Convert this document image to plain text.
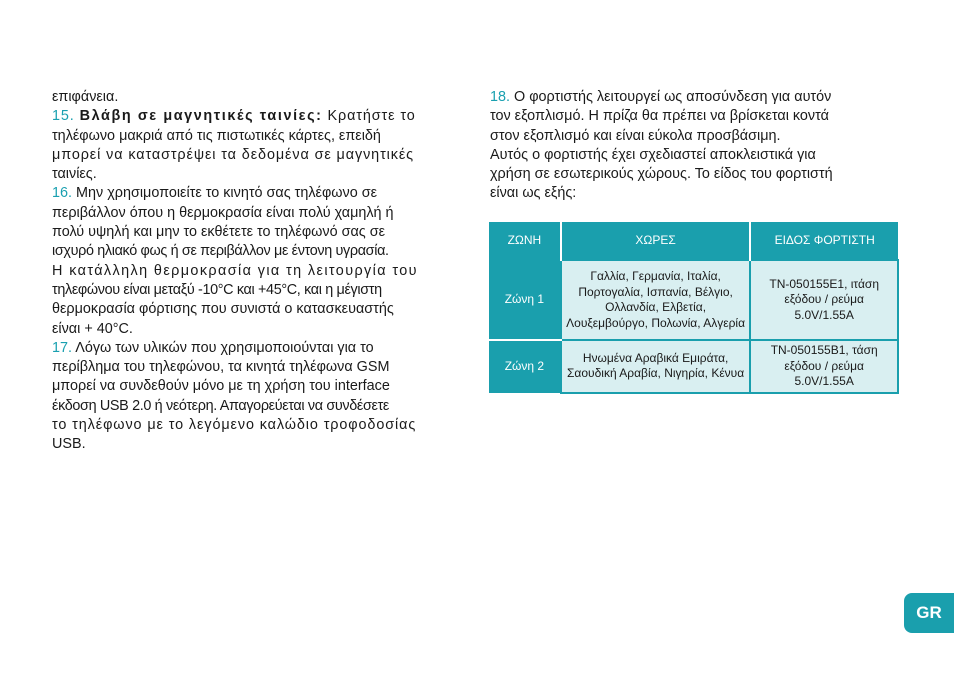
επιφάνεια.

15. Βλάβη σε μαγνητικές ταινίες: Κρατήστε το

τηλέφωνο μακριά από τις πιστωτικές κάρτες, επειδή

μπορεί να καταστρέψει τα δεδομένα σε μαγνητικές

ταινίες.

16. Μην χρησιμοποιείτε το κινητό σας τηλέφωνο σε

περιβάλλον όπου η θερμοκρασία είναι πολύ χαμηλή ή

πολύ υψηλή και μην το εκθέτετε το τηλέφωνό σας σε

ισχυρό ηλιακό φως ή σε περιβάλλον με έντονη υγρασία.

Η κατάλληλη θερμοκρασία για τη λειτουργία του

τηλεφώνου είναι μεταξύ -10°C και +45°C, και η μέγιστη

θερμοκρασία φόρτισης που συνιστά ο κατασκευαστής

είναι + 40°C.

17. Λόγω των υλικών που χρησιμοποιούνται για το

περίβλημα του τηλεφώνου, τα κινητά τηλέφωνα GSM

μπορεί να συνδεθούν μόνο με τη χρήση του interface

έκδοση USB 2.0 ή νεότερη. Απαγορεύεται να συνδέσετε

το τηλέφωνο με το λεγόμενο καλώδιο τροφοδοσίας

USB.

18. Ο φορτιστής λειτουργεί ως αποσύνδεση για αυτόν

τον εξοπλισμό. Η πρίζα θα πρέπει να βρίσκεται κοντά

στον εξοπλισμό και είναι εύκολα προσβάσιμη.

Αυτός ο φορτιστής έχει σχεδιαστεί αποκλειστικά για

χρήση σε εσωτερικούς χώρους. Το είδος του φορτιστή

είναι ως εξής:

ΖΩΝΗ	ΧΩΡΕΣ	ΕΙΔΟΣ ΦΟΡΤΙΣΤΗ
Ζώνη 1	Γαλλία, Γερμανία, Ιταλία, Πορτογαλία, Ισπανία, Βέλγιο, Ολλανδία, Ελβετία, Λουξεμβούργο, Πολωνία, Αλγερία	TN-050155E1, ιτάση εξόδου / ρεύμα 5.0V/1.55A
Ζώνη 2	Ηνωμένα Αραβικά Εμιράτα, Σαουδική Αραβία, Νιγηρία, Κένυα	TN-050155B1, τάση εξόδου / ρεύμα 5.0V/1.55A
GR
